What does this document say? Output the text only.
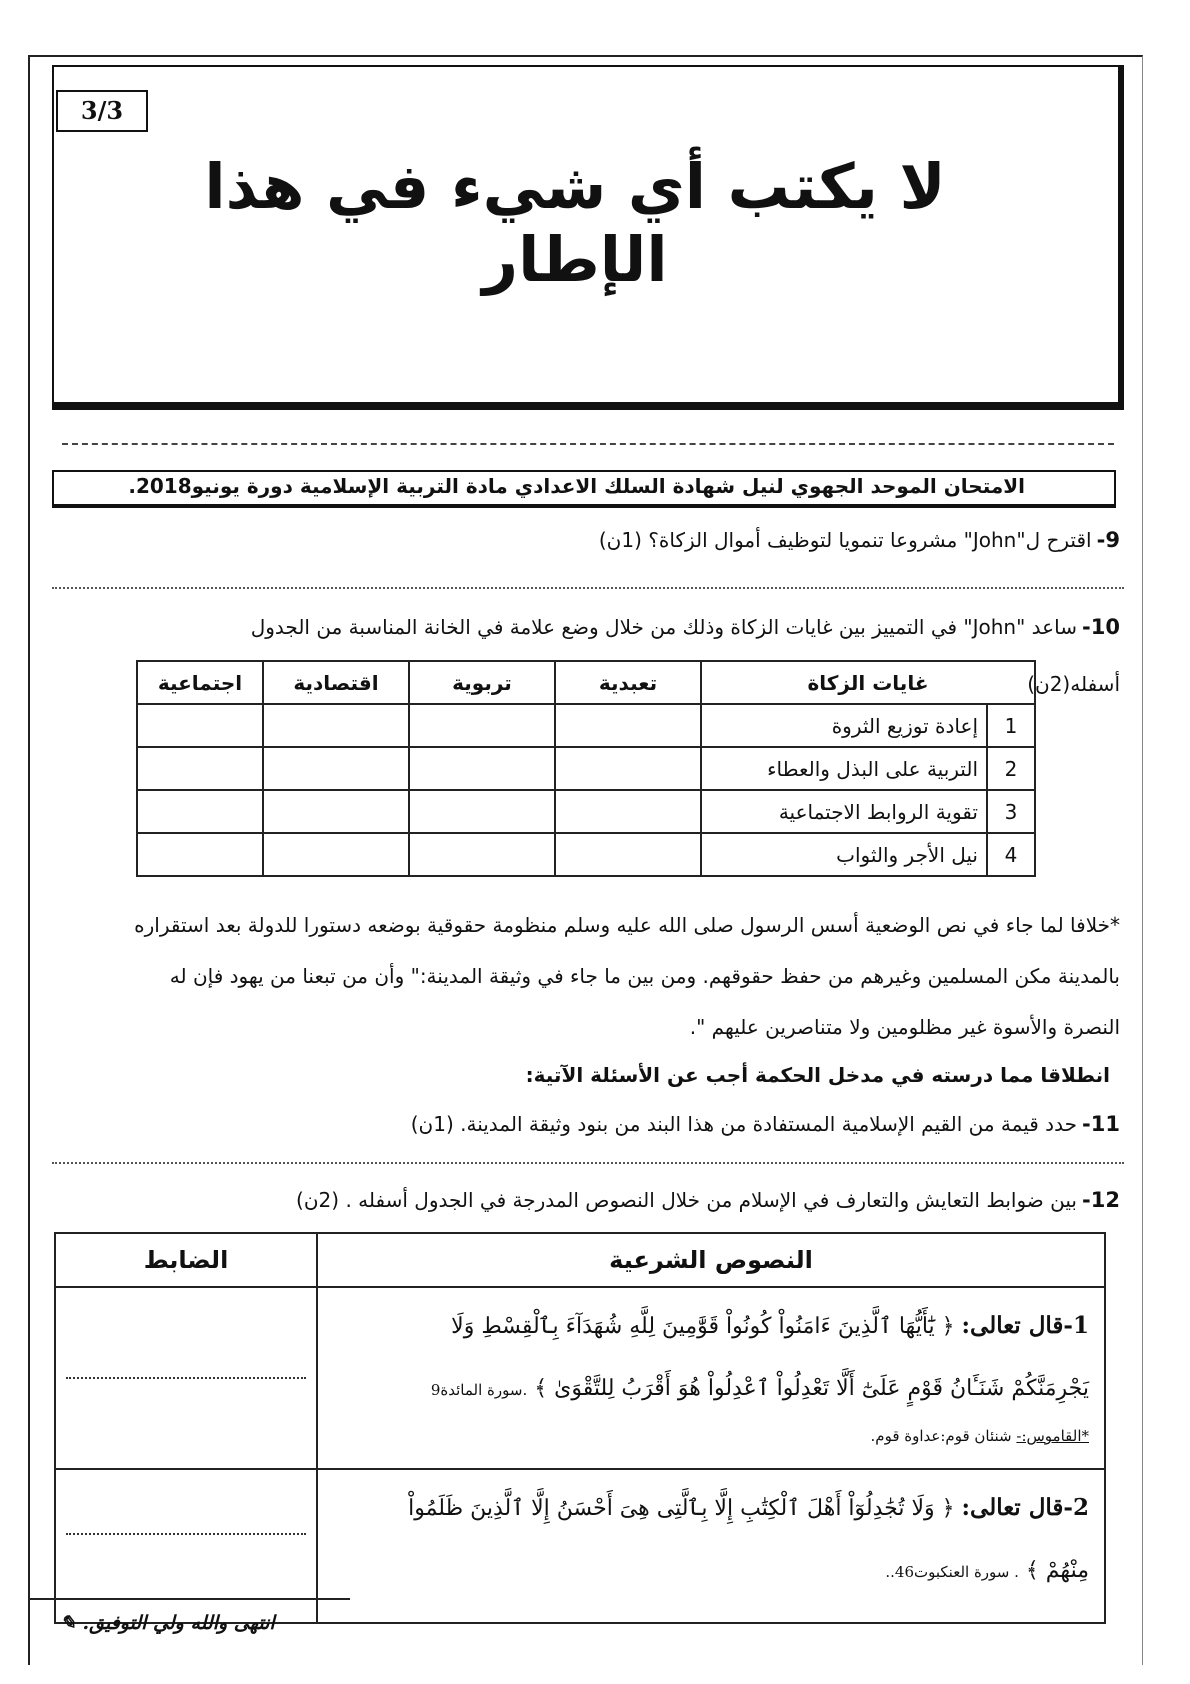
3/3
لا يكتب أي شيء في هذا الإطار
الامتحان الموحد الجهوي لنيل شهادة السلك الاعدادي مادة التربية الإسلامية دورة يونيو2018.
9- اقترح ل"John" مشروعا تنمويا لتوظيف أموال الزكاة؟ (1ن)
10- ساعد "John" في التمييز بين غايات الزكاة وذلك من خلال وضع علامة في الخانة المناسبة من الجدول
أسفله(2ن)
غايات الزكاة		تعبدية	تربوية	اقتصادية	اجتماعية
1	إعادة توزيع الثروة				
2	التربية على البذل والعطاء				
3	تقوية الروابط الاجتماعية				
4	نيل الأجر والثواب				
*خلافا لما جاء في نص الوضعية أسس الرسول صلى الله عليه وسلم منظومة حقوقية بوضعه دستورا للدولة بعد استقراره
بالمدينة مكن المسلمين وغيرهم من حفظ حقوقهم. ومن بين ما جاء في وثيقة المدينة:" وأن من تبعنا من يهود فإن له
النصرة والأسوة غير مظلومين ولا متناصرين عليهم ".
انطلاقا مما درسته في مدخل الحكمة أجب عن الأسئلة الآتية:
11- حدد قيمة من القيم الإسلامية المستفادة من هذا البند من بنود وثيقة المدينة. (1ن)
12- بين ضوابط التعايش والتعارف في الإسلام من خلال النصوص المدرجة في الجدول أسفله . (2ن)
النصوص الشرعية	الضابط

1-قال تعالى: ﴿ يَٰٓأَيُّهَا ٱلَّذِينَ ءَامَنُواْ كُونُواْ قَوَّٰمِينَ لِلَّهِ شُهَدَآءَ بِٱلْقِسْطِ وَلَا
يَجْرِمَنَّكُمْ شَنَـَٔانُ قَوْمٍ عَلَىٰٓ أَلَّا تَعْدِلُواْ ٱعْدِلُواْ هُوَ أَقْرَبُ لِلتَّقْوَىٰ ﴾ .سورة المائدة9
*القاموس:- شنئان قوم:عداوة قوم.	

2-قال تعالى: ﴿ وَلَا تُجَٰدِلُوٓاْ أَهْلَ ٱلْكِتَٰبِ إِلَّا بِٱلَّتِى هِىَ أَحْسَنُ إِلَّا ٱلَّذِينَ ظَلَمُواْ
مِنْهُمْ ﴾ . سورة العنكبوت46..	

انتهى والله ولي التوفيق. ✎
